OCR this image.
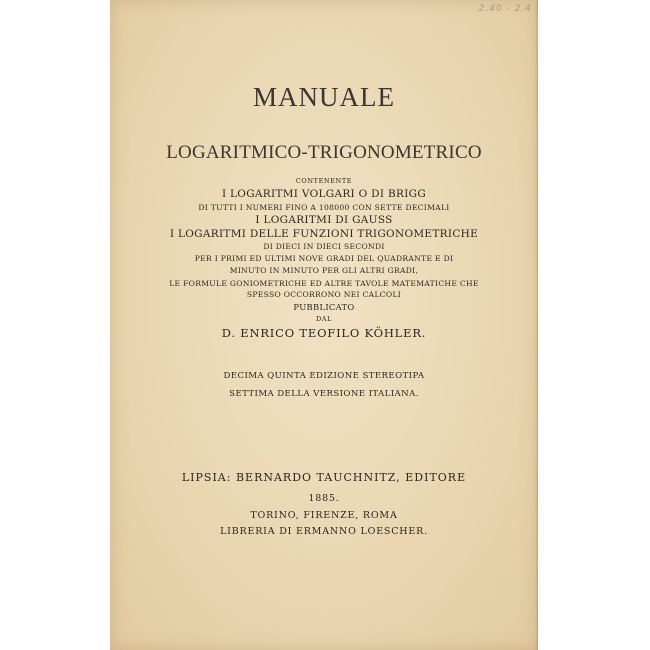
2.40 - 2.4
MANUALE
LOGARITMICO-TRIGONOMETRICO
CONTENENTE
I LOGARITMI VOLGARI O DI BRIGG
DI TUTTI I NUMERI FINO A 108000 CON SETTE DECIMALI
I LOGARITMI DI GAUSS
I LOGARITMI DELLE FUNZIONI TRIGONOMETRICHE
DI DIECI IN DIECI SECONDI
PER I PRIMI ED ULTIMI NOVE GRADI DEL QUADRANTE E DI
MINUTO IN MINUTO PER GLI ALTRI GRADI,
LE FORMULE GONIOMETRICHE ED ALTRE TAVOLE MATEMATICHE CHE
SPESSO OCCORRONO NEI CALCOLI
PUBBLICATO
DAL
D. ENRICO TEOFILO KÖHLER.
DECIMA QUINTA EDIZIONE STEREOTIPA
SETTIMA DELLA VERSIONE ITALIANA.
LIPSIA: BERNARDO TAUCHNITZ, EDITORE
1885.
TORINO, FIRENZE, ROMA
LIBRERIA DI ERMANNO LOESCHER.
